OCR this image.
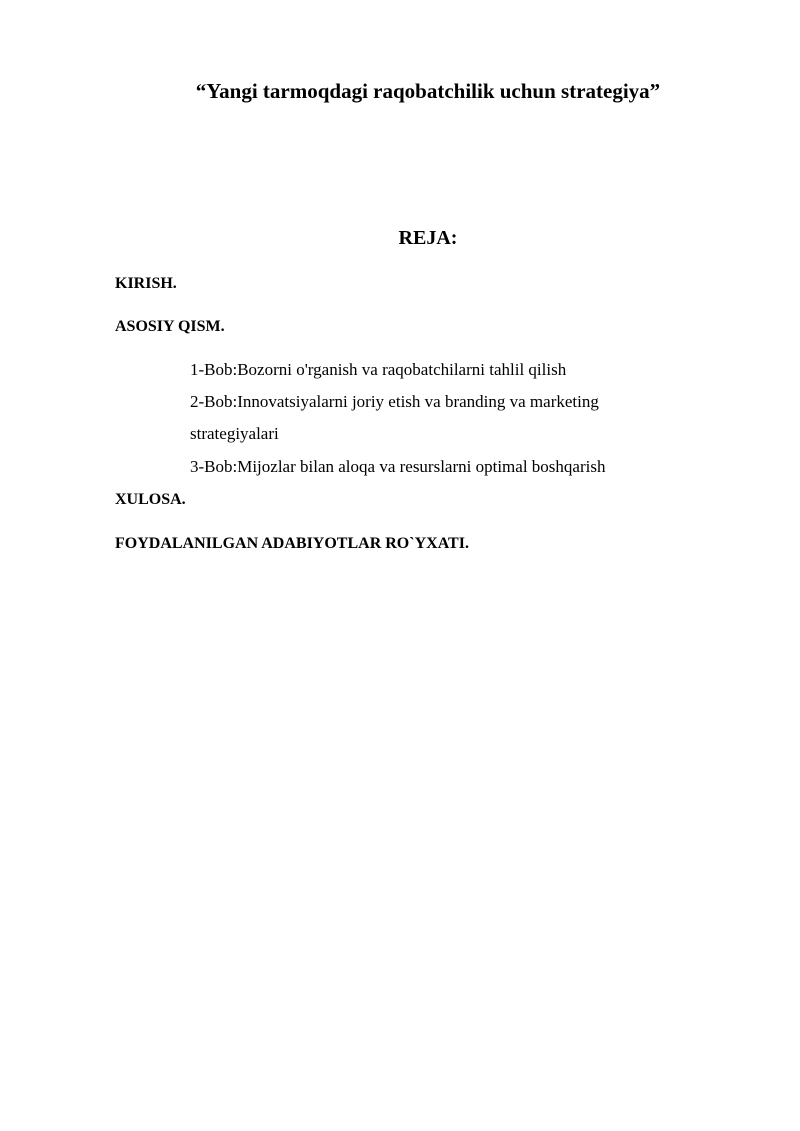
“Yangi tarmoqdagi raqobatchilik uchun strategiya”
REJA:
KIRISH.
ASOSIY QISM.
1-Bob:Bozorni o'rganish va raqobatchilarni tahlil qilish
2-Bob:Innovatsiyalarni joriy etish va branding va marketing strategiyalari
3-Bob:Mijozlar bilan aloqa va resurslarni optimal boshqarish
XULOSA.
FOYDALANILGAN ADABIYOTLAR RO`YXATI.
